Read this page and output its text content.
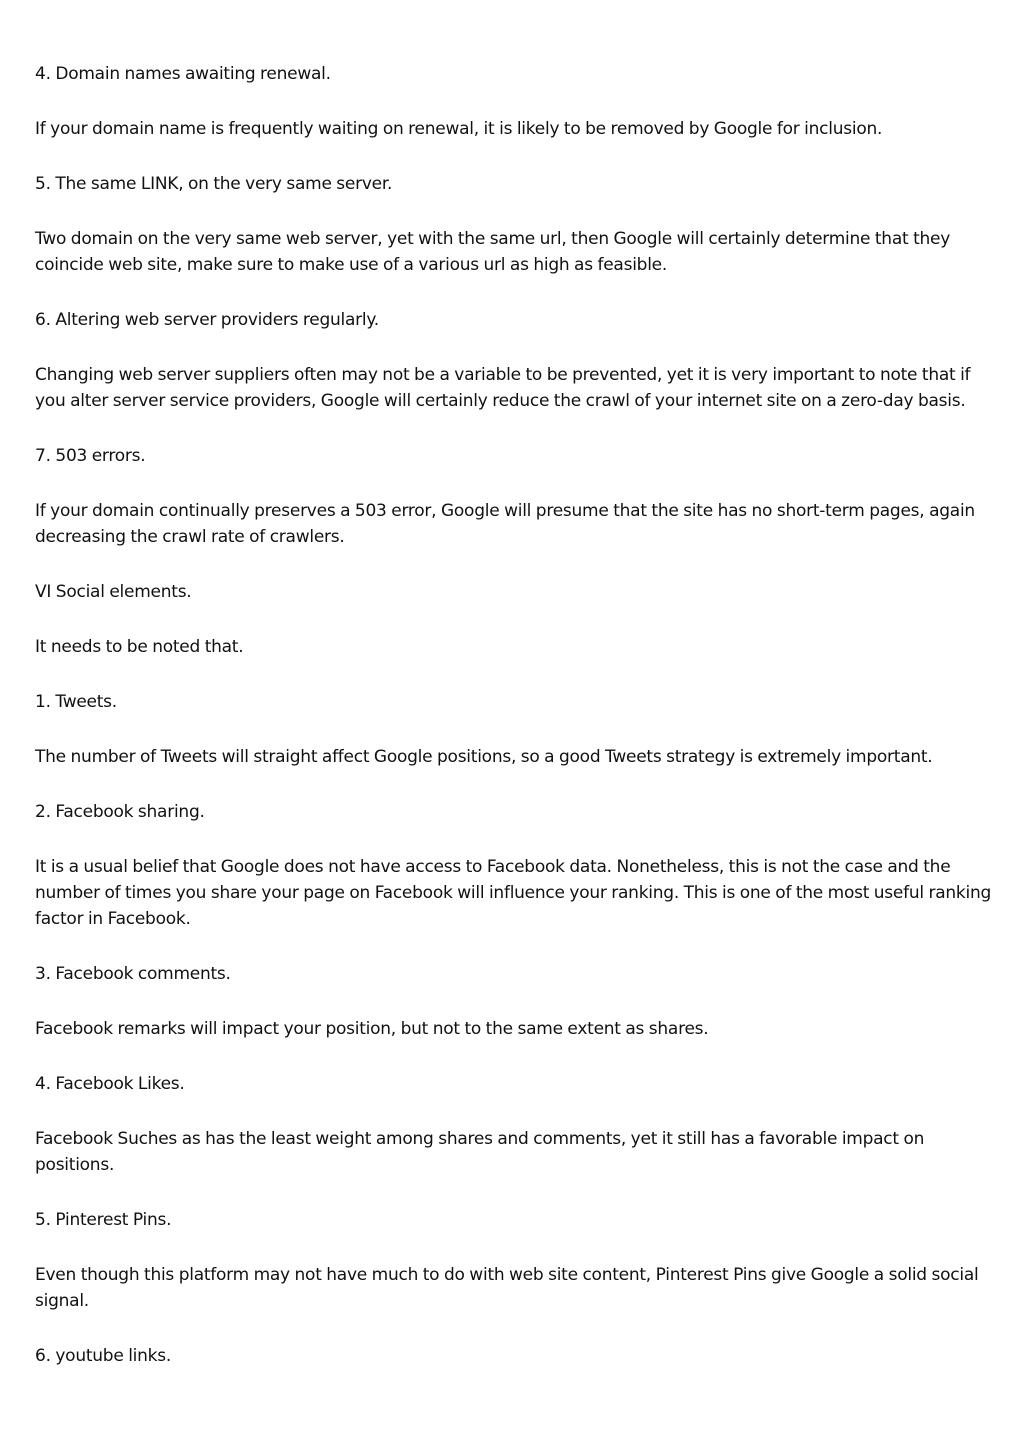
4. Domain names awaiting renewal.

If your domain name is frequently waiting on renewal, it is likely to be removed by Google for inclusion.

5. The same LINK, on the very same server.

Two domain on the very same web server, yet with the same url, then Google will certainly determine that they coincide web site, make sure to make use of a various url as high as feasible.

6. Altering web server providers regularly.

Changing web server suppliers often may not be a variable to be prevented, yet it is very important to note that if you alter server service providers, Google will certainly reduce the crawl of your internet site on a zero-day basis.

7. 503 errors.

If your domain continually preserves a 503 error, Google will presume that the site has no short-term pages, again decreasing the crawl rate of crawlers.

VI Social elements.

It needs to be noted that.

1. Tweets.

The number of Tweets will straight affect Google positions, so a good Tweets strategy is extremely important.

2. Facebook sharing.

It is a usual belief that Google does not have access to Facebook data. Nonetheless, this is not the case and the number of times you share your page on Facebook will influence your ranking. This is one of the most useful ranking factor in Facebook.

3. Facebook comments.

Facebook remarks will impact your position, but not to the same extent as shares.

4. Facebook Likes.

Facebook Suches as has the least weight among shares and comments, yet it still has a favorable impact on positions.

5. Pinterest Pins.

Even though this platform may not have much to do with web site content, Pinterest Pins give Google a solid social signal.

6. youtube links.
